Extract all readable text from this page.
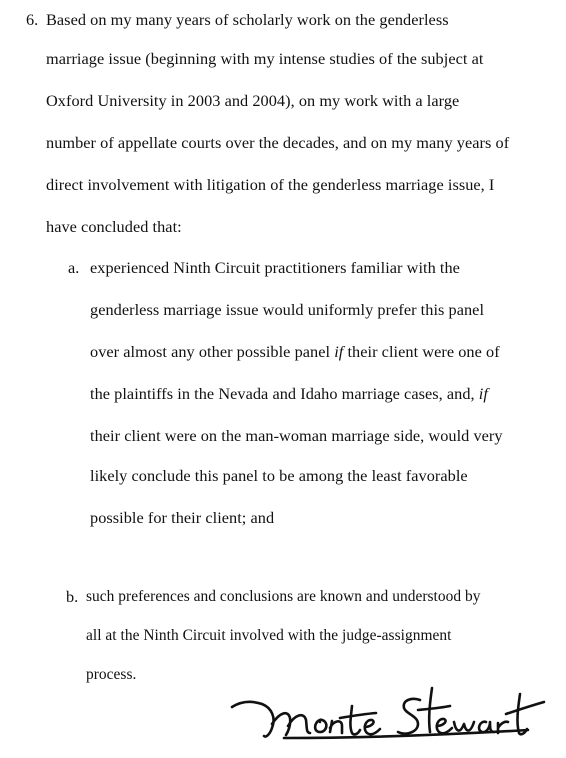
6. Based on my many years of scholarly work on the genderless
marriage issue (beginning with my intense studies of the subject at
Oxford University in 2003 and 2004), on my work with a large
number of appellate courts over the decades, and on my many years of
direct involvement with litigation of the genderless marriage issue, I
have concluded that:
a. experienced Ninth Circuit practitioners familiar with the
genderless marriage issue would uniformly prefer this panel
over almost any other possible panel if their client were one of
the plaintiffs in the Nevada and Idaho marriage cases, and, if
their client were on the man-woman marriage side, would very
likely conclude this panel to be among the least favorable
possible for their client; and
b. such preferences and conclusions are known and understood by
all at the Ninth Circuit involved with the judge-assignment
process.
